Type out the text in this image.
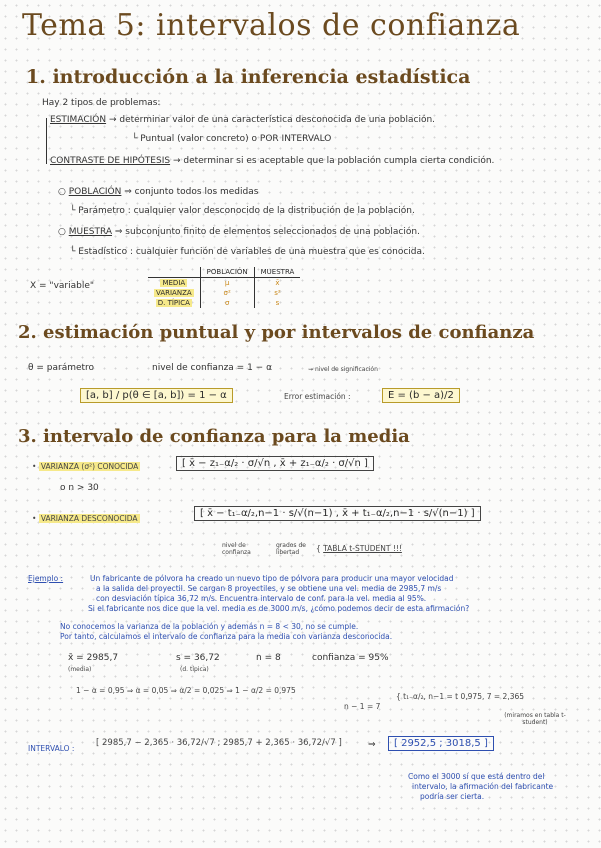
Tema 5: intervalos de confianza
1. introducción a la inferencia estadística
Hay 2 tipos de problemas:
ESTIMACIÓN → determinar valor de una característica desconocida de una población.
└ Puntual (valor concreto) o POR INTERVALO
CONTRASTE DE HIPÓTESIS → determinar si es aceptable que la población cumpla cierta condición.
○ POBLACIÓN ⇒ conjunto todos los medidas
└ Parámetro : cualquier valor desconocido de la distribución de la población.
○ MUESTRA ⇒ subconjunto finito de elementos seleccionados de una población.
└ Estadístico : cualquier función de variables de una muestra que es conocida.
X = "variable"
	POBLACIÓN	MUESTRA
MEDIA	μ	x̄
VARIANZA	σ²	s²
D. TÍPICA	σ	s
2. estimación puntual y por intervalos de confianza
θ = parámetro	nivel de confianza = 1 − α	⇝ nivel de significación
[a, b] / p(θ ∈ [a, b]) = 1 − α	Error estimación :	E = (b − a)/2
3. intervalo de confianza para la media
• VARIANZA (σ²) CONOCIDA
o n > 30
[ x̄ − z₁₋α/₂ · σ/√n , x̄ + z₁₋α/₂ · σ/√n ]
• VARIANZA DESCONOCIDA	[ x̄ − t₁₋α/₂,n−1 · s/√(n−1) , x̄ + t₁₋α/₂,n−1 · s/√(n−1) ]
nivel de confianza
grados de libertad	{ TABLA t-STUDENT !!!
Ejemplo :	Un fabricante de pólvora ha creado un nuevo tipo de pólvora para producir una mayor velocidad
a la salida del proyectil. Se cargan 8 proyectiles, y se obtiene una vel. media de 2985,7 m/s
con desviación típica 36,72 m/s. Encuentra intervalo de conf. para la vel. media al 95%.
Si el fabricante nos dice que la vel. media es de 3000 m/s, ¿cómo podemos decir de esta afirmación?
No conocemos la varianza de la población y además n = 8 < 30, no se cumple.
Por tanto, calculamos el intervalo de confianza para la media con varianza desconocida.
x̄ = 2985,7
(media)
s = 36,72
(d. típica)
n = 8	confianza = 95%
1 − α = 0,95 ⇒ α = 0,05 ⇒ α/2 = 0,025 ⇒ 1 − α/2 = 0,975
n − 1 = 7
{ t₁₋α/₂, n−1 = t 0,975, 7 = 2,365
(miramos en tabla t-student)
INTERVALO :
[ 2985,7 − 2,365 · 36,72/√7 ; 2985,7 + 2,365 · 36,72/√7 ]	⇒	[ 2952,5 ; 3018,5 ]
Como el 3000 sí que está dentro del
intervalo, la afirmación del fabricante
podría ser cierta.
